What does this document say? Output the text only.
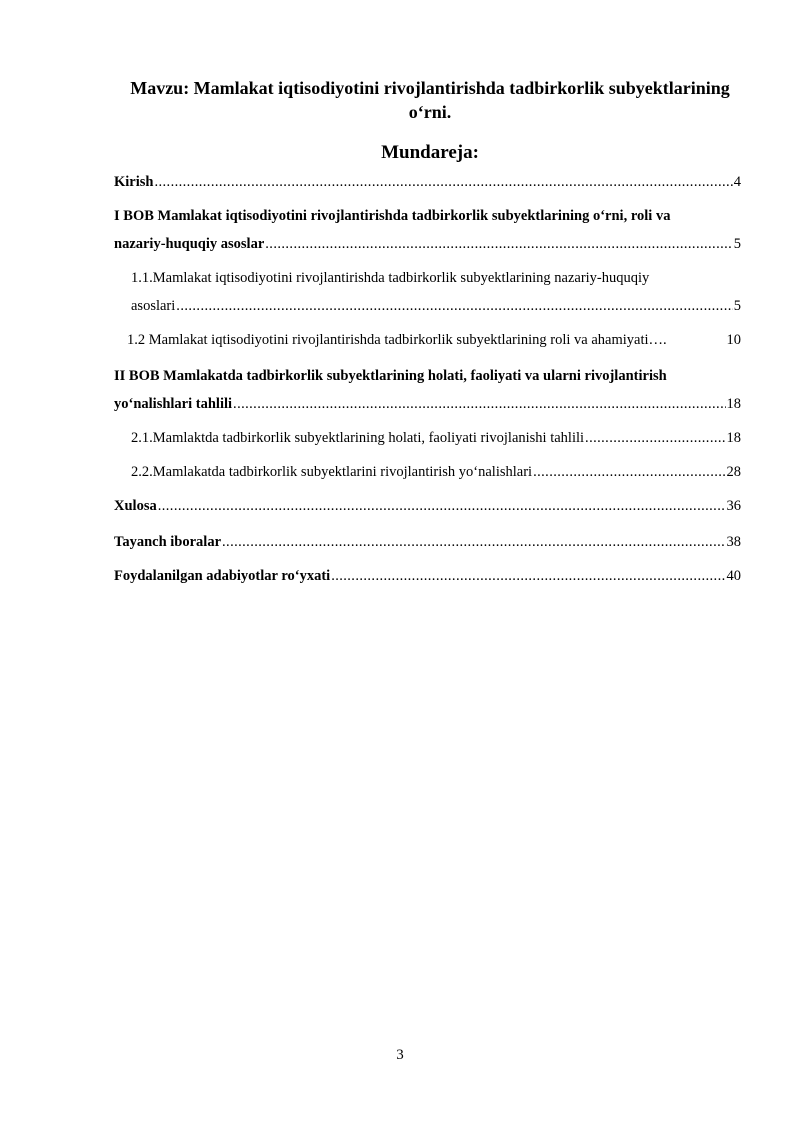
Mavzu: Mamlakat iqtisodiyotini rivojlantirishda tadbirkorlik subyektlarining
o‘rni.
Mundareja:
Kirish .....	4
I BOB Mamlakat iqtisodiyotini rivojlantirishda tadbirkorlik subyektlarining o‘rni, roli va
nazariy-huquqiy asoslar .....	5
1.1.Mamlakat iqtisodiyotini rivojlantirishda tadbirkorlik subyektlarining nazariy-huquqiy
asoslari .....	5
1.2 Mamlakat iqtisodiyotini rivojlantirishda tadbirkorlik subyektlarining roli va ahamiyati ….	10
II BOB Mamlakatda tadbirkorlik subyektlarining holati, faoliyati va ularni rivojlantirish
yo‘nalishlari tahlili .....	18
2.1.Mamlaktda tadbirkorlik subyektlarining holati, faoliyati rivojlanishi tahlili .....	18
2.2.Mamlakatda tadbirkorlik subyektlarini rivojlantirish yo‘nalishlari .....	28
Xulosa .....	36
Tayanch iboralar .....	38
Foydalanilgan adabiyotlar ro‘yxati .....	40
3
